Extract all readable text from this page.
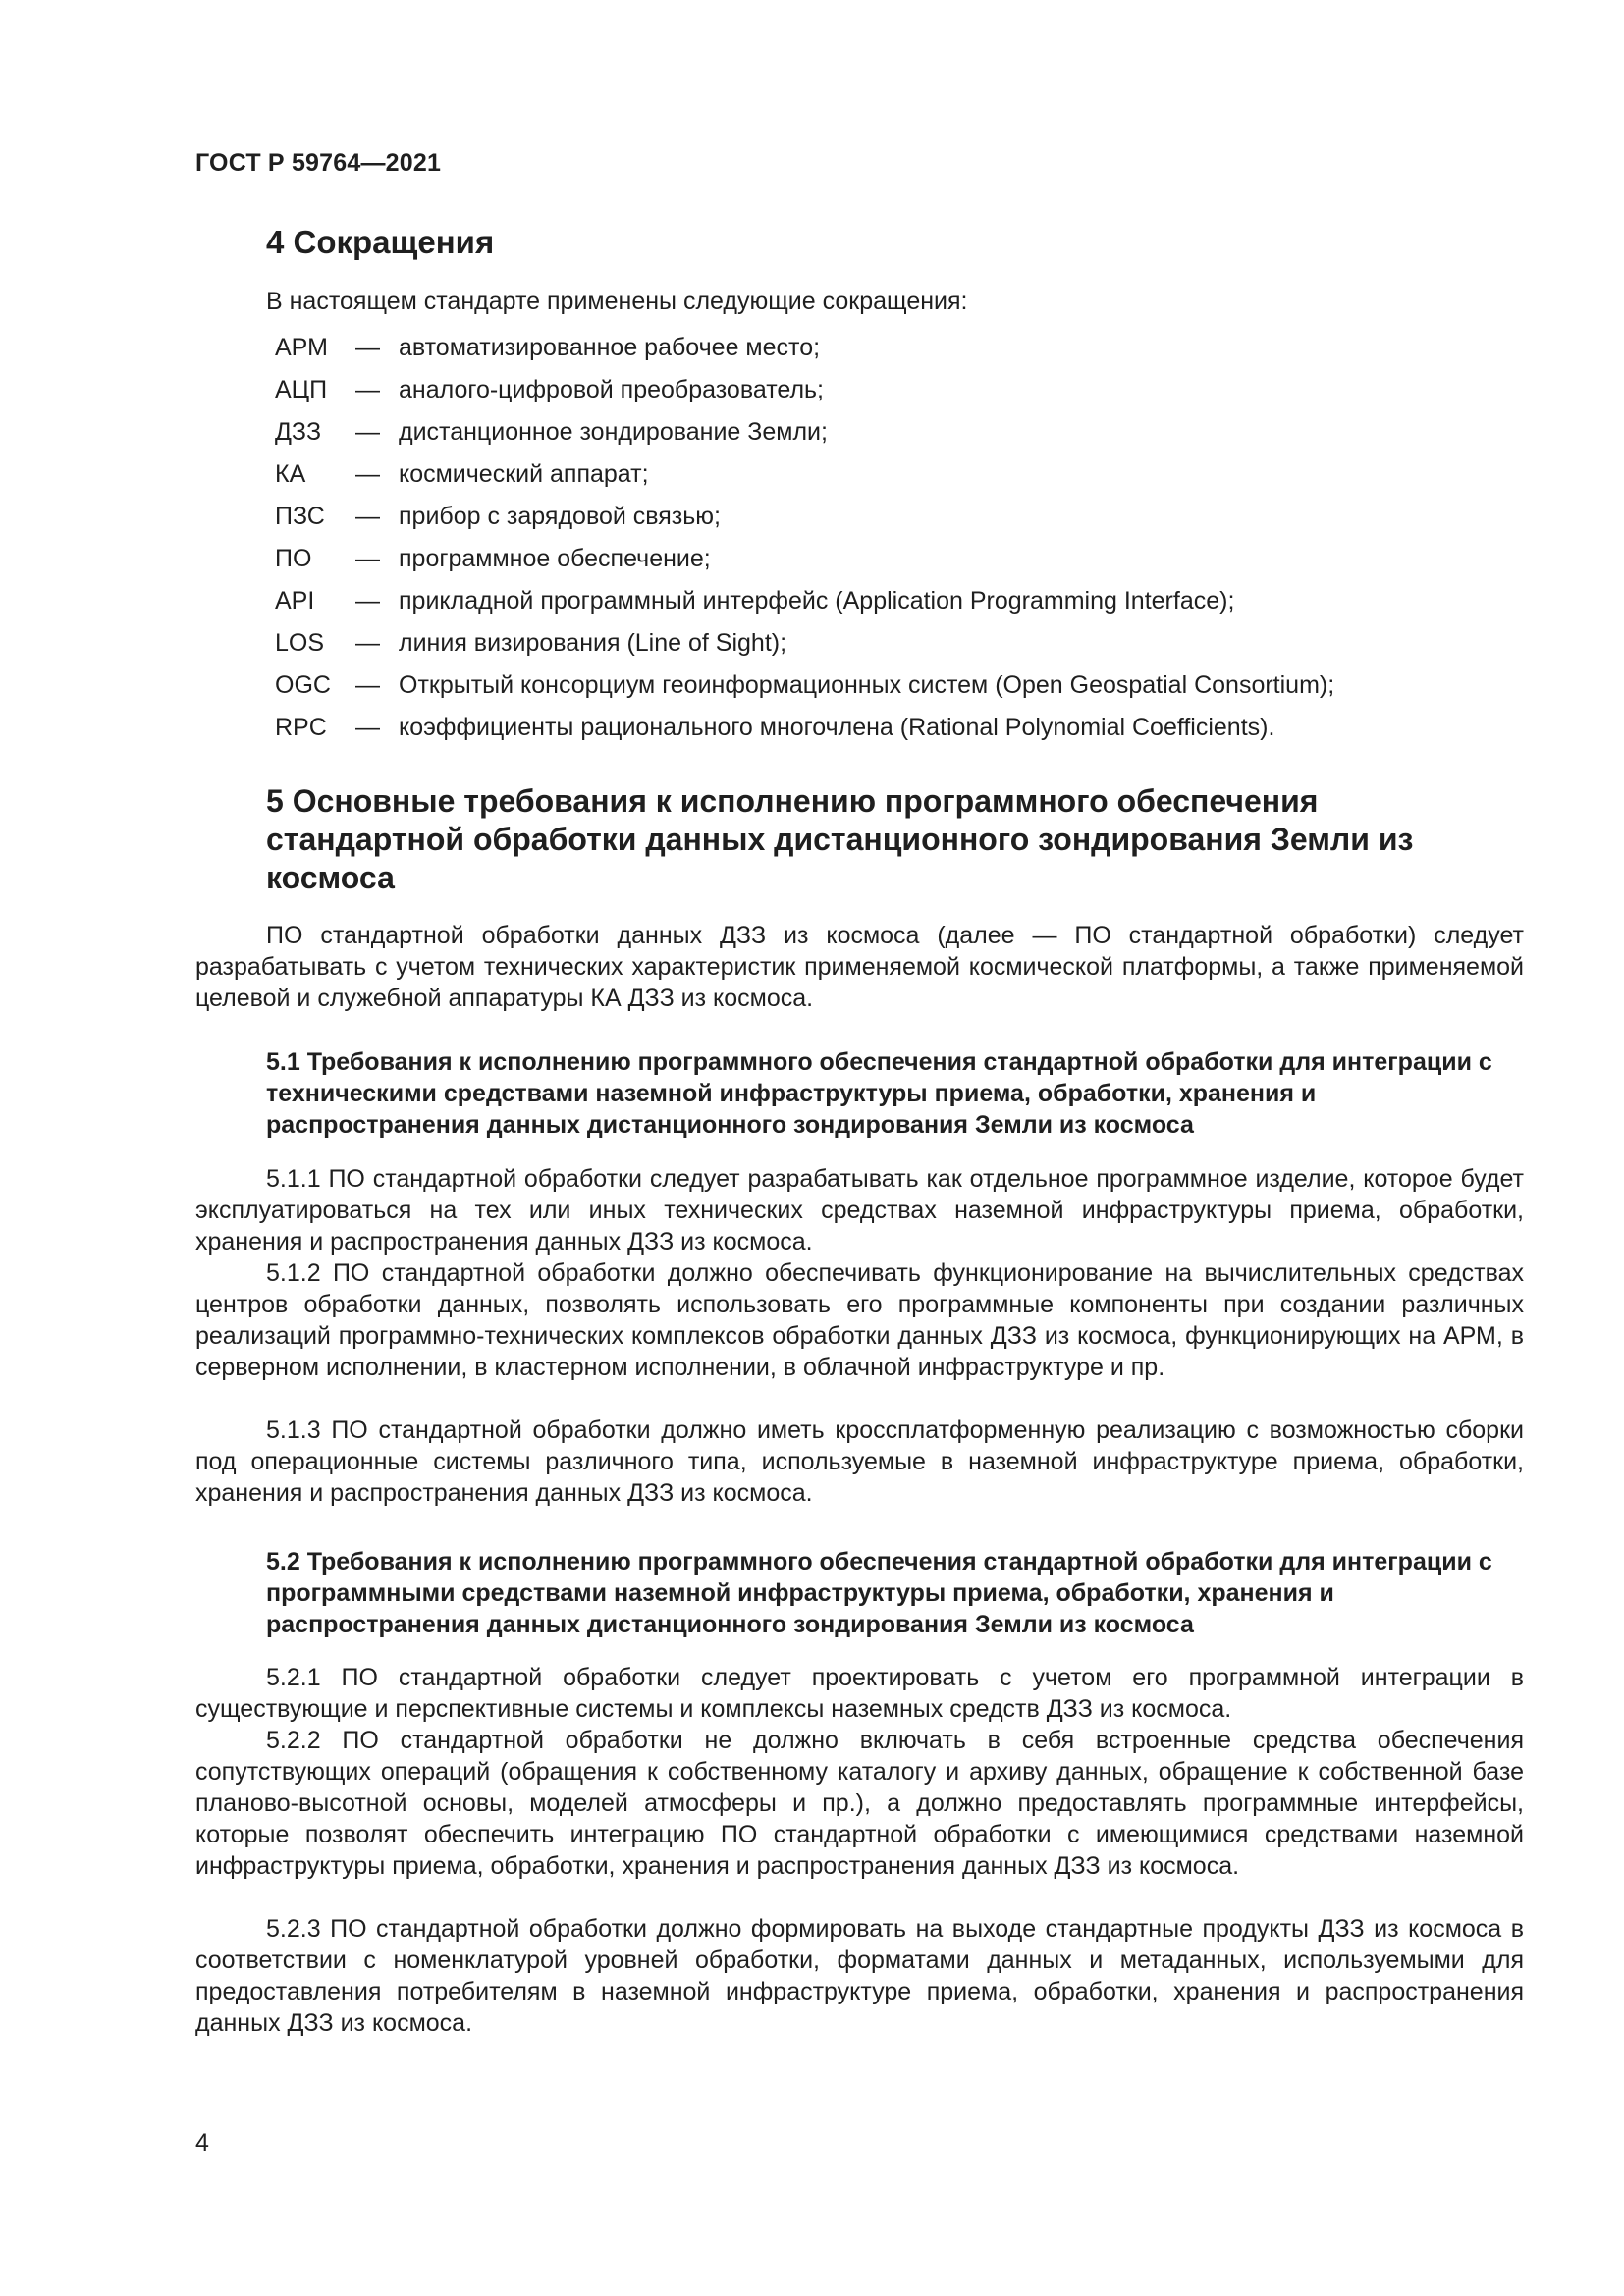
ГОСТ Р 59764—2021
4 Сокращения
В настоящем стандарте применены следующие сокращения:
АРМ	— автоматизированное рабочее место;
АЦП	— аналого-цифровой преобразователь;
ДЗЗ	— дистанционное зондирование Земли;
КА	— космический аппарат;
ПЗС	— прибор с зарядовой связью;
ПО	— программное обеспечение;
API	— прикладной программный интерфейс (Application Programming Interface);
LOS	— линия визирования (Line of Sight);
OGC	— Открытый консорциум геоинформационных систем (Open Geospatial Consortium);
RPC	— коэффициенты рационального многочлена (Rational Polynomial Coefficients).
5 Основные требования к исполнению программного обеспечения стандартной обработки данных дистанционного зондирования Земли из космоса

ПО стандартной обработки данных ДЗЗ из космоса (далее — ПО стандартной обработки) следует разрабатывать с учетом технических характеристик применяемой космической платформы, а также применяемой целевой и служебной аппаратуры КА ДЗЗ из космоса.

5.1 Требования к исполнению программного обеспечения стандартной обработки для интеграции с техническими средствами наземной инфраструктуры приема, обработки, хранения и распространения данных дистанционного зондирования Земли из космоса

5.1.1 ПО стандартной обработки следует разрабатывать как отдельное программное изделие, которое будет эксплуатироваться на тех или иных технических средствах наземной инфраструктуры приема, обработки, хранения и распространения данных ДЗЗ из космоса.

5.1.2 ПО стандартной обработки должно обеспечивать функционирование на вычислительных средствах центров обработки данных, позволять использовать его программные компоненты при создании различных реализаций программно-технических комплексов обработки данных ДЗЗ из космоса, функционирующих на АРМ, в серверном исполнении, в кластерном исполнении, в облачной инфраструктуре и пр.

5.1.3 ПО стандартной обработки должно иметь кроссплатформенную реализацию с возможностью сборки под операционные системы различного типа, используемые в наземной инфраструктуре приема, обработки, хранения и распространения данных ДЗЗ из космоса.

5.2 Требования к исполнению программного обеспечения стандартной обработки для интеграции с программными средствами наземной инфраструктуры приема, обработки, хранения и распространения данных дистанционного зондирования Земли из космоса

5.2.1 ПО стандартной обработки следует проектировать с учетом его программной интеграции в существующие и перспективные системы и комплексы наземных средств ДЗЗ из космоса.

5.2.2 ПО стандартной обработки не должно включать в себя встроенные средства обеспечения сопутствующих операций (обращения к собственному каталогу и архиву данных, обращение к собственной базе планово-высотной основы, моделей атмосферы и пр.), а должно предоставлять программные интерфейсы, которые позволят обеспечить интеграцию ПО стандартной обработки с имеющимися средствами наземной инфраструктуры приема, обработки, хранения и распространения данных ДЗЗ из космоса.

5.2.3 ПО стандартной обработки должно формировать на выходе стандартные продукты ДЗЗ из космоса в соответствии с номенклатурой уровней обработки, форматами данных и метаданных, используемыми для предоставления потребителям в наземной инфраструктуре приема, обработки, хранения и распространения данных ДЗЗ из космоса.

4
